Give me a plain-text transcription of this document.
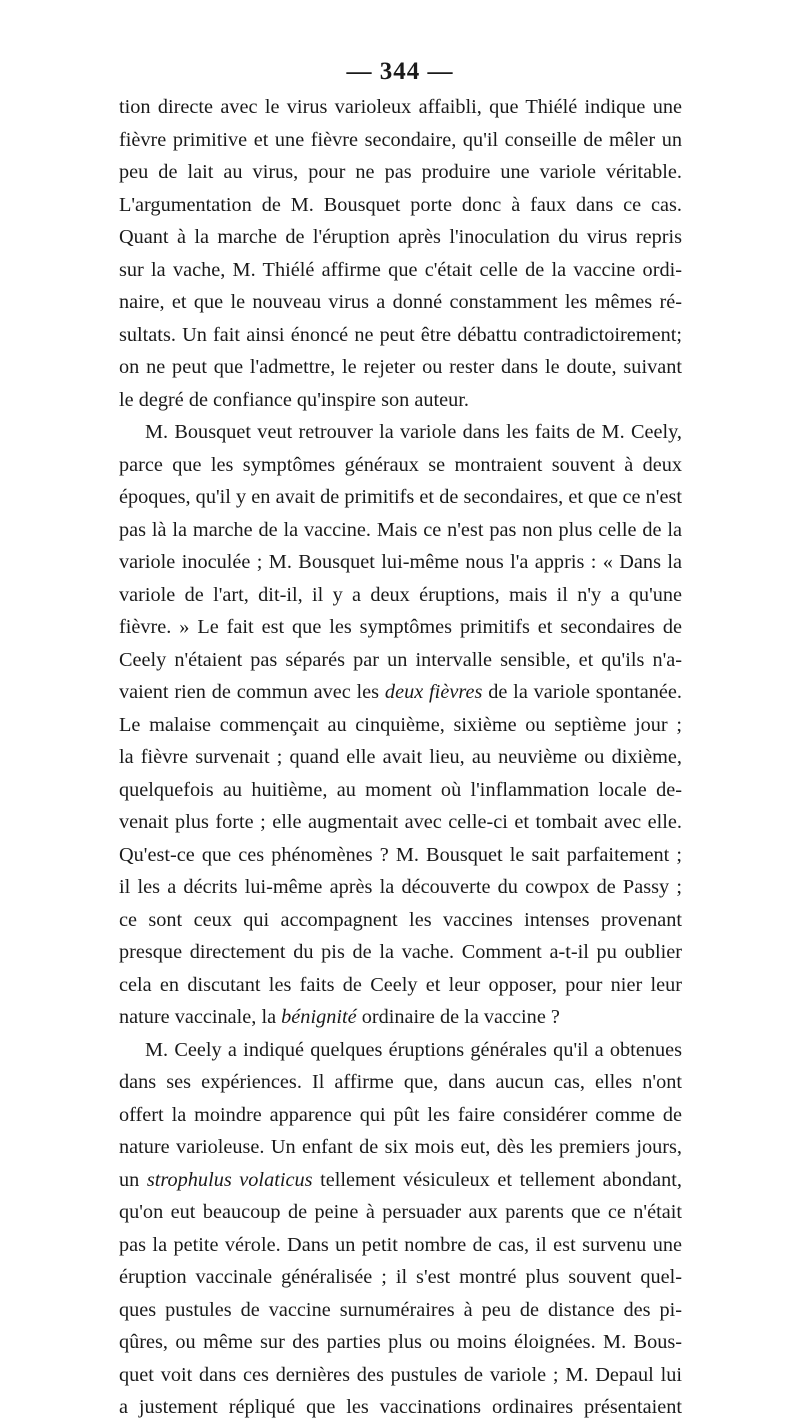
— 344 —
tion directe avec le virus varioleux affaibli, que Thiélé indique une
fièvre primitive et une fièvre secondaire, qu'il conseille de mêler un
peu de lait au virus, pour ne pas produire une variole véritable.
L'argumentation de M. Bousquet porte donc à faux dans ce cas.
Quant à la marche de l'éruption après l'inoculation du virus repris
sur la vache, M. Thiélé affirme que c'était celle de la vaccine ordi-
naire, et que le nouveau virus a donné constamment les mêmes ré-
sultats. Un fait ainsi énoncé ne peut être débattu contradictoirement;
on ne peut que l'admettre, le rejeter ou rester dans le doute, suivant
le degré de confiance qu'inspire son auteur.
M. Bousquet veut retrouver la variole dans les faits de M. Ceely,
parce que les symptômes généraux se montraient souvent à deux
époques, qu'il y en avait de primitifs et de secondaires, et que ce n'est
pas là la marche de la vaccine. Mais ce n'est pas non plus celle de la
variole inoculée ; M. Bousquet lui-même nous l'a appris : « Dans la
variole de l'art, dit-il, il y a deux éruptions, mais il n'y a qu'une
fièvre. » Le fait est que les symptômes primitifs et secondaires de
Ceely n'étaient pas séparés par un intervalle sensible, et qu'ils n'a-
vaient rien de commun avec les deux fièvres de la variole spontanée.
Le malaise commençait au cinquième, sixième ou septième jour ;
la fièvre survenait ; quand elle avait lieu, au neuvième ou dixième,
quelquefois au huitième, au moment où l'inflammation locale de-
venait plus forte ; elle augmentait avec celle-ci et tombait avec elle.
Qu'est-ce que ces phénomènes ? M. Bousquet le sait parfaitement ;
il les a décrits lui-même après la découverte du cowpox de Passy ;
ce sont ceux qui accompagnent les vaccines intenses provenant
presque directement du pis de la vache. Comment a-t-il pu oublier
cela en discutant les faits de Ceely et leur opposer, pour nier leur
nature vaccinale, la bénignité ordinaire de la vaccine ?
M. Ceely a indiqué quelques éruptions générales qu'il a obtenues
dans ses expériences. Il affirme que, dans aucun cas, elles n'ont
offert la moindre apparence qui pût les faire considérer comme de
nature varioleuse. Un enfant de six mois eut, dès les premiers jours,
un strophulus volaticus tellement vésiculeux et tellement abondant,
qu'on eut beaucoup de peine à persuader aux parents que ce n'était
pas la petite vérole. Dans un petit nombre de cas, il est survenu une
éruption vaccinale généralisée ; il s'est montré plus souvent quel-
ques pustules de vaccine surnuméraires à peu de distance des pi-
qûres, ou même sur des parties plus ou moins éloignées. M. Bous-
quet voit dans ces dernières des pustules de variole ; M. Depaul lui
a justement répliqué que les vaccinations ordinaires présentaient
